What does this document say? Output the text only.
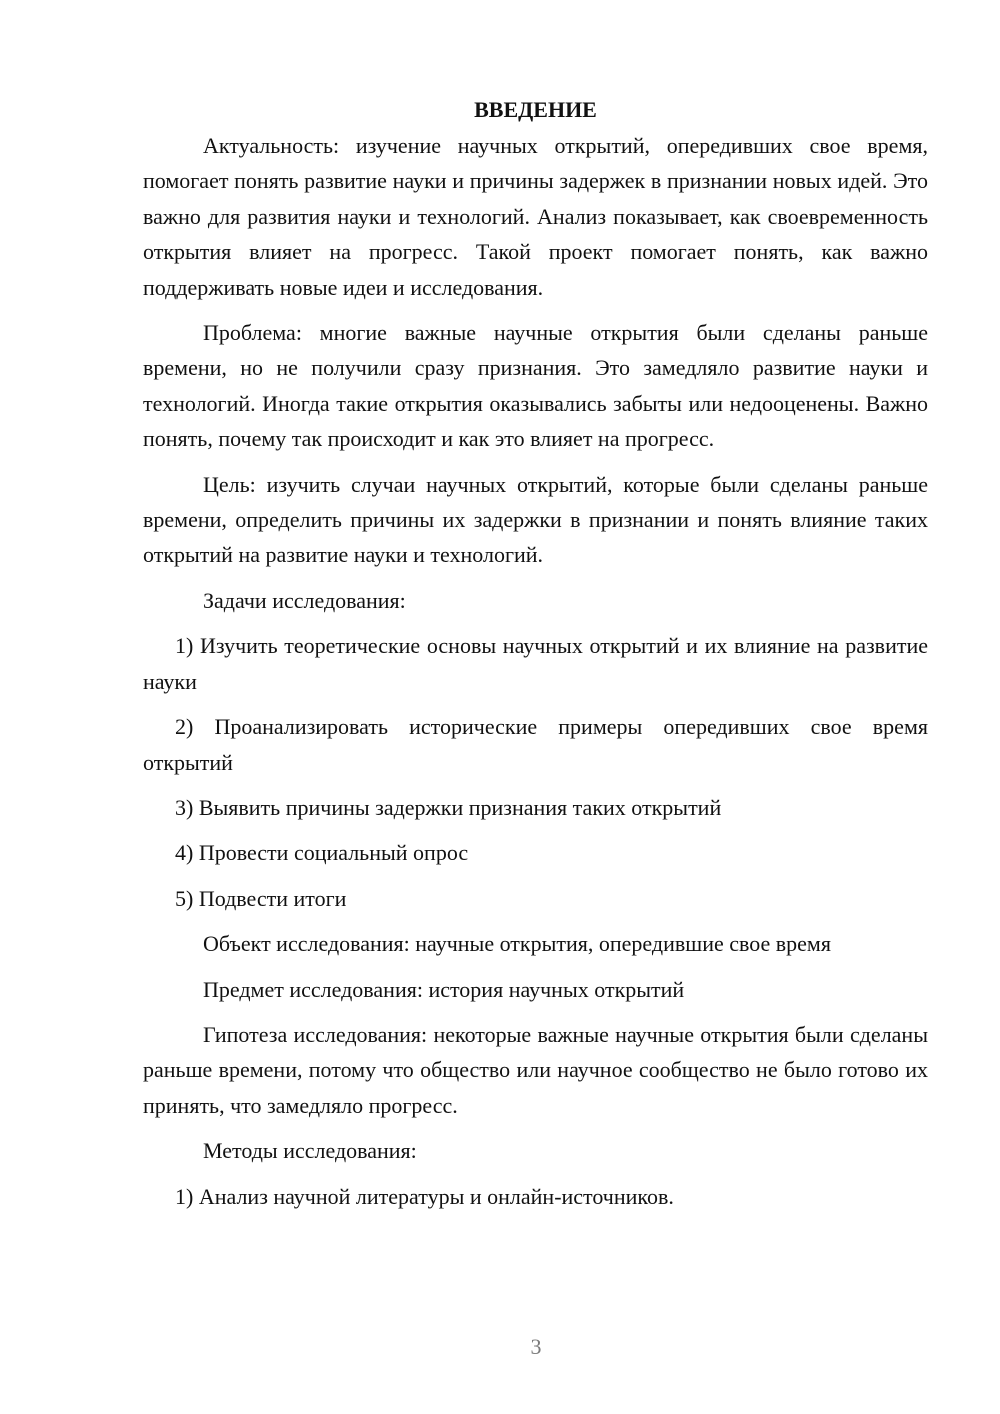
ВВЕДЕНИЕ

Актуальность: изучение научных открытий, опередивших свое время, помогает понять развитие науки и причины задержек в признании новых идей. Это важно для развития науки и технологий. Анализ показывает, как своевременность открытия влияет на прогресс. Такой проект помогает понять, как важно поддерживать новые идеи и исследования.

Проблема: многие важные научные открытия были сделаны раньше времени, но не получили сразу признания. Это замедляло развитие науки и технологий. Иногда такие открытия оказывались забыты или недооценены. Важно понять, почему так происходит и как это влияет на прогресс.

Цель: изучить случаи научных открытий, которые были сделаны раньше времени, определить причины их задержки в признании и понять влияние таких открытий на развитие науки и технологий.

Задачи исследования:

1) Изучить теоретические основы научных открытий и их влияние на развитие науки

2) Проанализировать исторические примеры опередивших свое время открытий

3) Выявить причины задержки признания таких открытий

4) Провести социальный опрос

5) Подвести итоги

Объект исследования: научные открытия, опередившие свое время

Предмет исследования: история научных открытий

Гипотеза исследования: некоторые важные научные открытия были сделаны раньше времени, потому что общество или научное сообщество не было готово их принять, что замедляло прогресс.

Методы исследования:

1) Анализ научной литературы и онлайн-источников.

3
